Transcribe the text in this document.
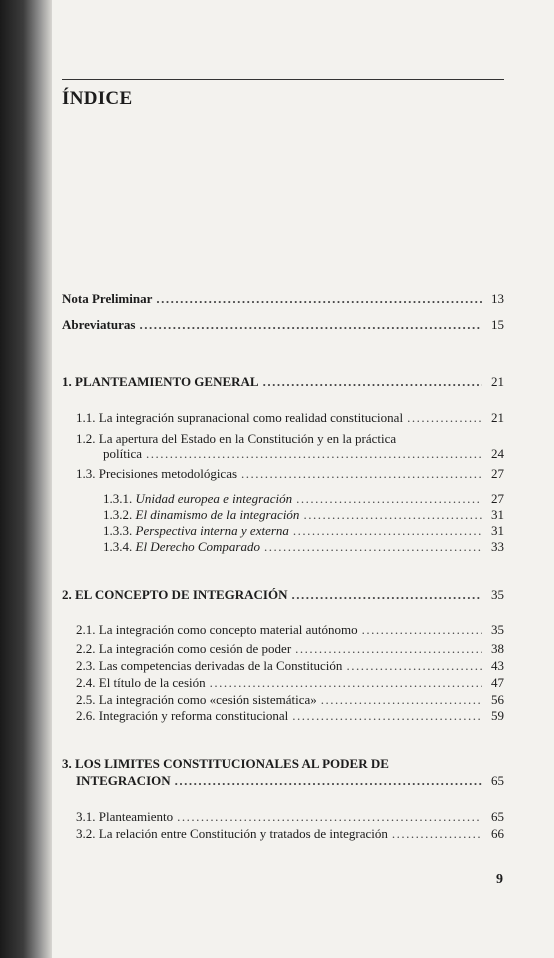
ÍNDICE
Nota Preliminar .....	13
Abreviaturas .....	15
1. PLANTEAMIENTO GENERAL .....	21
1.1. La integración supranacional como realidad constitucional .....	21
1.2. La apertura del Estado en la Constitución y en la práctica
política .....	24
1.3. Precisiones metodológicas .....	27
1.3.1. Unidad europea e integración .....	27
1.3.2. El dinamismo de la integración .....	31
1.3.3. Perspectiva interna y externa .....	31
1.3.4. El Derecho Comparado .....	33
2. EL CONCEPTO DE INTEGRACIÓN .....	35
2.1. La integración como concepto material autónomo .....	35
2.2. La integración como cesión de poder .....	38
2.3. Las competencias derivadas de la Constitución .....	43
2.4. El título de la cesión .....	47
2.5. La integración como «cesión sistemática» .....	56
2.6. Integración y reforma constitucional .....	59
3. LOS LIMITES CONSTITUCIONALES AL PODER DE
INTEGRACION .....	65
3.1. Planteamiento .....	65
3.2. La relación entre Constitución y tratados de integración .....	66
9
